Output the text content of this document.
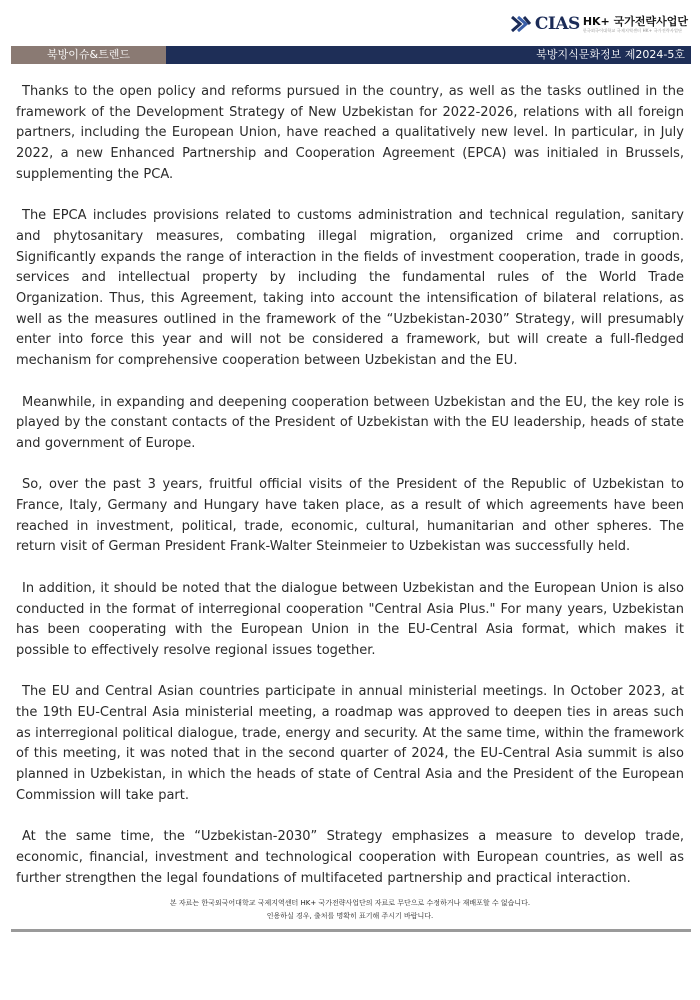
CIAS HK+ 국가전략사업단
한국외국어대학교 국제지역센터 HK+ 국가전략사업단
북방이슈&트렌드	북방지식문화정보 제2024-5호

Thanks to the open policy and reforms pursued in the country, as well as the tasks outlined in the framework of the Development Strategy of New Uzbekistan for 2022-2026, relations with all foreign partners, including the European Union, have reached a qualitatively new level. In particular, in July 2022, a new Enhanced Partnership and Cooperation Agreement (EPCA) was initialed in Brussels, supplementing the PCA.

The EPCA includes provisions related to customs administration and technical regulation, sanitary and phytosanitary measures, combating illegal migration, organized crime and corruption. Significantly expands the range of interaction in the fields of investment cooperation, trade in goods, services and intellectual property by including the fundamental rules of the World Trade Organization. Thus, this Agreement, taking into account the intensification of bilateral relations, as well as the measures outlined in the framework of the “Uzbekistan-2030” Strategy, will presumably enter into force this year and will not be considered a framework, but will create a full-fledged mechanism for comprehensive cooperation between Uzbekistan and the EU.

Meanwhile, in expanding and deepening cooperation between Uzbekistan and the EU, the key role is played by the constant contacts of the President of Uzbekistan with the EU leadership, heads of state and government of Europe.

So, over the past 3 years, fruitful official visits of the President of the Republic of Uzbekistan to France, Italy, Germany and Hungary have taken place, as a result of which agreements have been reached in investment, political, trade, economic, cultural, humanitarian and other spheres. The return visit of German President Frank-Walter Steinmeier to Uzbekistan was successfully held.

In addition, it should be noted that the dialogue between Uzbekistan and the European Union is also conducted in the format of interregional cooperation "Central Asia Plus." For many years, Uzbekistan has been cooperating with the European Union in the EU-Central Asia format, which makes it possible to effectively resolve regional issues together.

The EU and Central Asian countries participate in annual ministerial meetings. In October 2023, at the 19th EU-Central Asia ministerial meeting, a roadmap was approved to deepen ties in areas such as interregional political dialogue, trade, energy and security. At the same time, within the framework of this meeting, it was noted that in the second quarter of 2024, the EU-Central Asia summit is also planned in Uzbekistan, in which the heads of state of Central Asia and the President of the European Commission will take part.

At the same time, the “Uzbekistan-2030” Strategy emphasizes a measure to develop trade, economic, financial, investment and technological cooperation with European countries, as well as further strengthen the legal foundations of multifaceted partnership and practical interaction.

본 자료는 한국외국어대학교 국제지역센터 HK+ 국가전략사업단의 자료로 무단으로 수정하거나 재배포할 수 없습니다.
인용하실 경우, 출처를 명확히 표기해 주시기 바랍니다.
